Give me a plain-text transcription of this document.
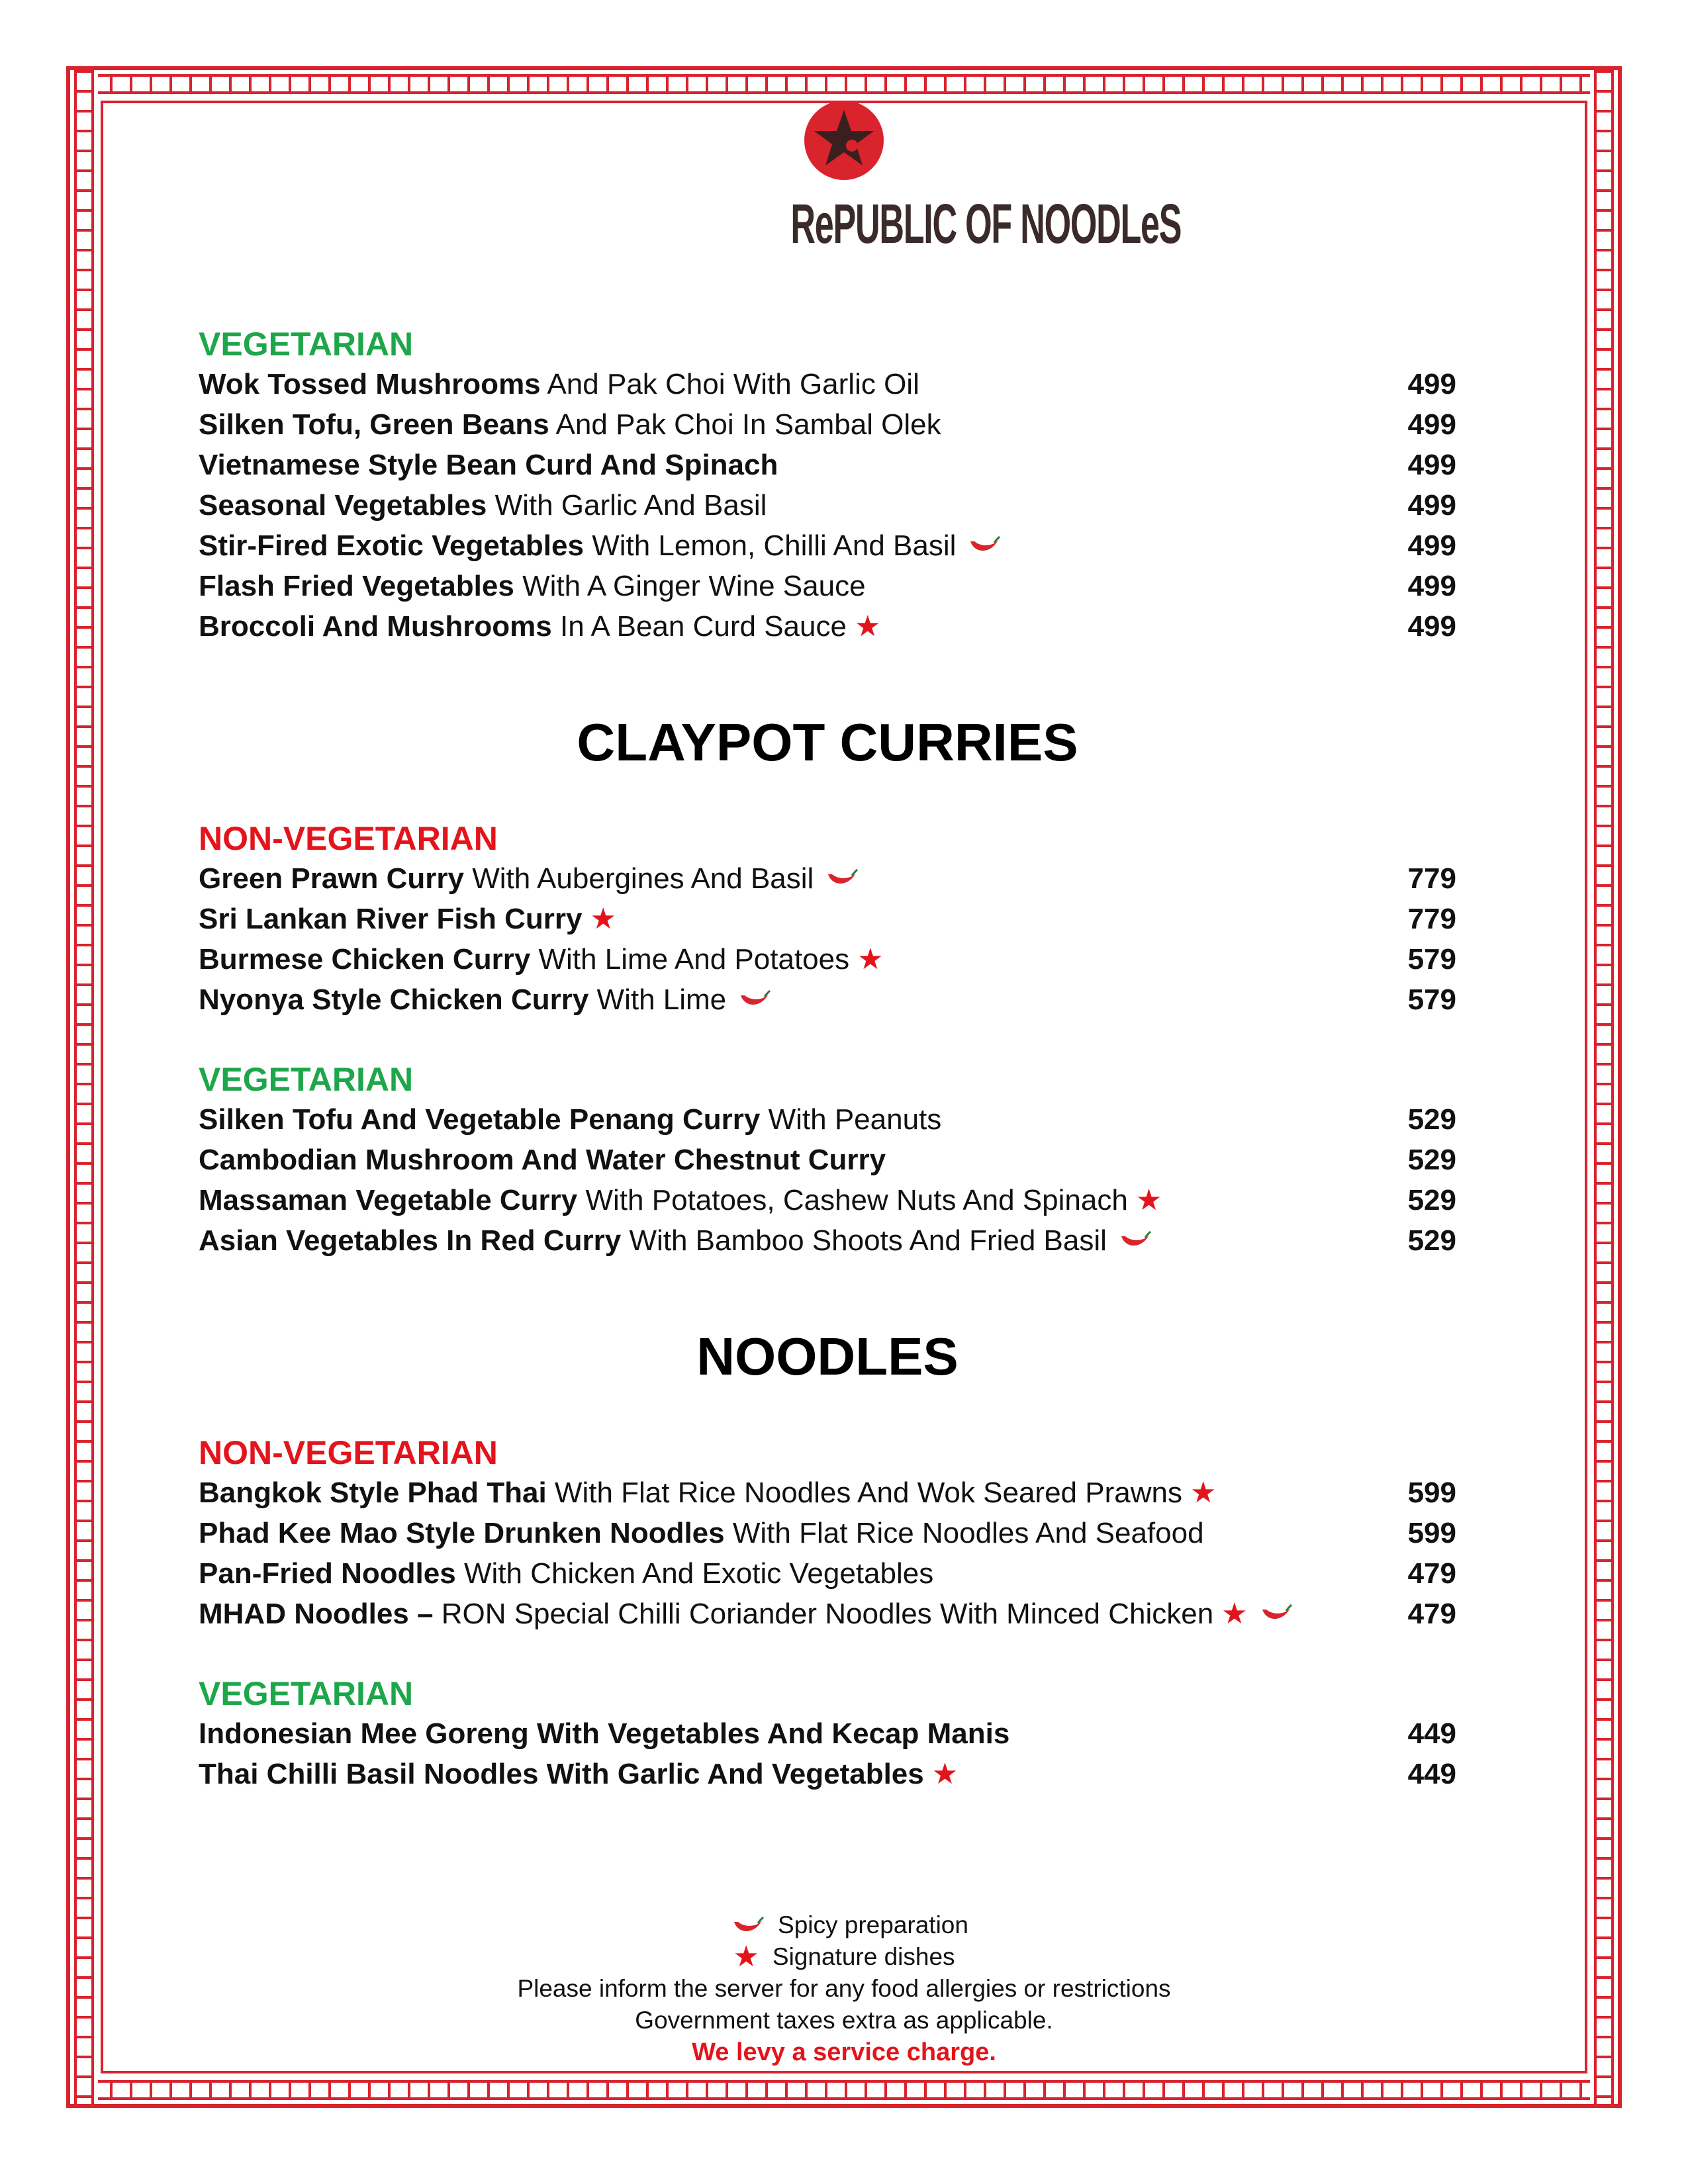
RePUBLIC OF NOODLeS
VEGETARIAN
Wok Tossed Mushrooms And Pak Choi With Garlic Oil	499
Silken Tofu, Green Beans And Pak Choi In Sambal Olek	499
Vietnamese Style Bean Curd And Spinach	499
Seasonal Vegetables With Garlic And Basil	499
Stir-Fired Exotic Vegetables With Lemon, Chilli And Basil	499
Flash Fried Vegetables With A Ginger Wine Sauce	499
Broccoli And Mushrooms In A Bean Curd Sauce ★	499
CLAYPOT CURRIES
NON-VEGETARIAN
Green Prawn Curry With Aubergines And Basil	779
Sri Lankan River Fish Curry ★	779
Burmese Chicken Curry With Lime And Potatoes ★	579
Nyonya Style Chicken Curry With Lime	579
VEGETARIAN
Silken Tofu And Vegetable Penang Curry With Peanuts	529
Cambodian Mushroom And Water Chestnut Curry	529
Massaman Vegetable Curry With Potatoes, Cashew Nuts And Spinach ★	529
Asian Vegetables In Red Curry With Bamboo Shoots And Fried Basil	529
NOODLES
NON-VEGETARIAN
Bangkok Style Phad Thai With Flat Rice Noodles And Wok Seared Prawns ★	599
Phad Kee Mao Style Drunken Noodles With Flat Rice Noodles And Seafood	599
Pan-Fried Noodles With Chicken And Exotic Vegetables	479
MHAD Noodles – RON Special Chilli Coriander Noodles With Minced Chicken ★	479
VEGETARIAN
Indonesian Mee Goreng With Vegetables And Kecap Manis	449
Thai Chilli Basil Noodles With Garlic And Vegetables ★	449
Spicy preparation
★ Signature dishes
Please inform the server for any food allergies or restrictions
Government taxes extra as applicable.
We levy a service charge.
